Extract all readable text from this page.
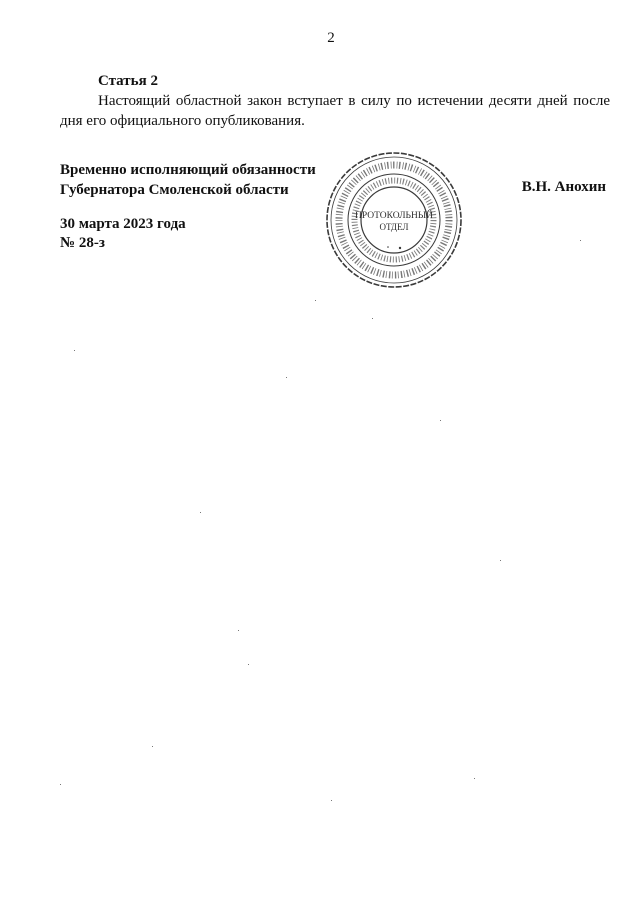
2
Статья 2

Настоящий областной закон вступает в силу по истечении десяти дней после дня его официального опубликования.

Временно исполняющий обязанности
Губернатора Смоленской области	В.Н. Анохин
30 марта 2023 года
№ 28-з
ПРОТОКОЛЬНЫЙ
ОТДЕЛ
